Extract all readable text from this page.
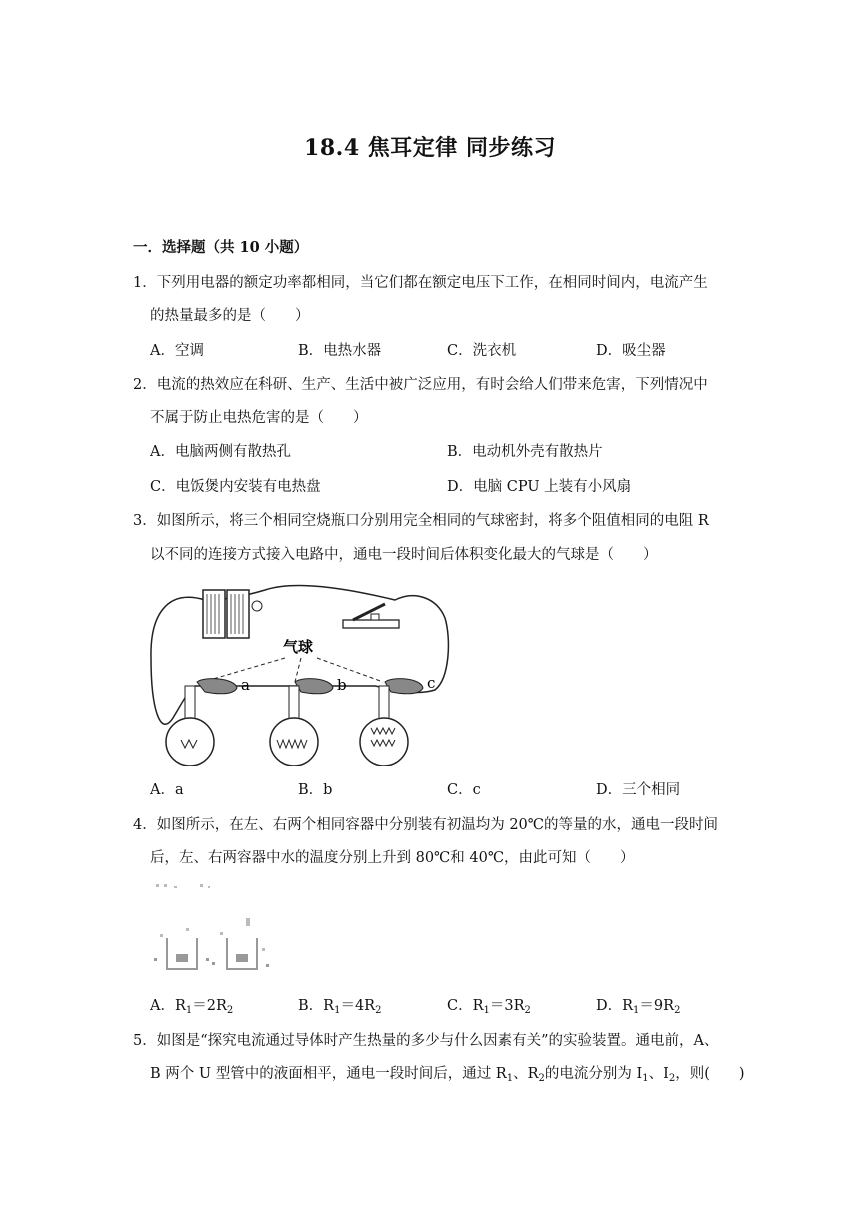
18.4 焦耳定律 同步练习
一．选择题（共 10 小题）
1．下列用电器的额定功率都相同，当它们都在额定电压下工作，在相同时间内，电流产生
的热量最多的是（　　）
A．空调	B．电热水器	C．洗衣机	D．吸尘器
2．电流的热效应在科研、生产、生活中被广泛应用，有时会给人们带来危害，下列情况中
不属于防止电热危害的是（　　）
A．电脑两侧有散热孔	B．电动机外壳有散热片
C．电饭煲内安装有电热盘	D．电脑 CPU 上装有小风扇
3．如图所示，将三个相同空烧瓶口分别用完全相同的气球密封，将多个阻值相同的电阻 R
以不同的连接方式接入电路中，通电一段时间后体积变化最大的气球是（　　）
气球
a	b	c
A．a	B．b	C．c	D．三个相同
4．如图所示，在左、右两个相同容器中分别装有初温均为 20℃的等量的水，通电一段时间
后，左、右两容器中水的温度分别上升到 80℃和 40℃，由此可知（　　）
A．$R_1=2R_2$	B．$R_1=4R_2$	C．$R_1=3R_2$	D．$R_1=9R_2$
5．如图是“探究电流通过导体时产生热量的多少与什么因素有关”的实验装置。通电前，A、
B 两个 U 型管中的液面相平，通电一段时间后，通过 $R_1$、$R_2$的电流分别为 $I_1$、$I_2$，则(　　)
